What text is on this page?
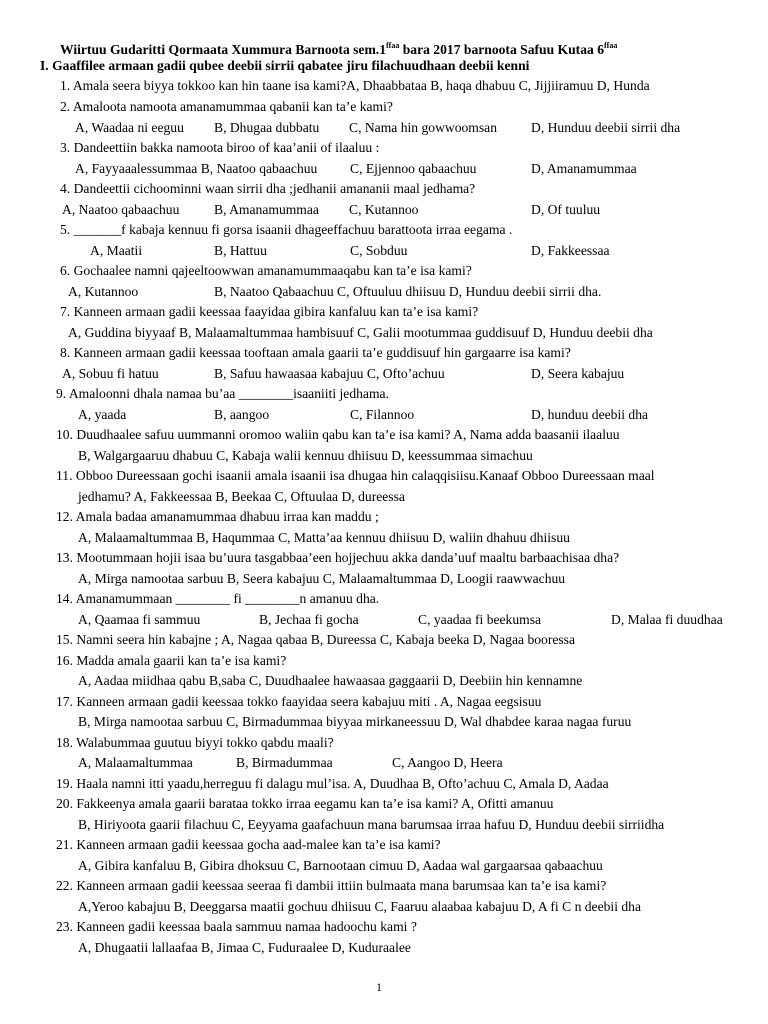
Wiirtuu Gudaritti Qormaata Xummura Barnoota $sem.1^{ffaa}$ bara 2017 barnoota Safuu Kutaa $6^{ffaa}$
I. Gaaffilee armaan gadii qubee deebii sirrii qabatee jiru filachuudhaan deebii kenni
1. Amala seera biyya tokkoo kan hin taane isa kami?A, Dhaabbataa B, haqa dhabuu C, Jijjiiramuu D, Hunda
2. Amaloota namoota amanamummaa qabanii kan ta’e kami?
A, Waadaa ni eeguu B, Dhugaa dubbatu C, Nama hin gowwoomsan D, Hunduu deebii sirrii dha
3. Dandeettiin bakka namoota biroo of kaa’anii of ilaaluu :
A, Fayyaaalessummaa B, Naatoo qabaachuu C, Ejjennoo qabaachuu	D, Amanamummaa
4. Dandeettii cichoominni waan sirrii dha ;jedhanii amananii maal jedhama?
A, Naatoo qabaachuu	B, Amanamummaa C, Kutannoo	D, Of tuuluu
5. _______f kabaja kennuu fi gorsa isaanii dhageeffachuu barattoota irraa eegama .
A, Maatii	B, Hattuu	C, Sobduu	D, Fakkeessaa
6. Gochaalee namni qajeeltoowwan amanamummaaqabu kan ta’e isa kami?
A, Kutannoo	B, Naatoo Qabaachuu C, Oftuuluu dhiisuu D, Hunduu deebii sirrii dha.
7. Kanneen armaan gadii keessaa faayidaa gibira kanfaluu kan ta’e isa kami?
A, Guddina biyyaaf B, Malaamaltummaa hambisuuf C, Galii mootummaa guddisuuf D, Hunduu deebii dha
8. Kanneen armaan gadii keessaa tooftaan amala gaarii ta’e guddisuuf hin gargaarre isa kami?
A, Sobuu fi hatuu	B, Safuu hawaasaa kabajuu C, Ofto’achuu	D, Seera kabajuu
9. Amaloonni dhala namaa bu’aa ________isaaniiti jedhama.
A, yaada	B, aangoo	C, Filannoo	D, hunduu deebii dha
10. Duudhaalee safuu uummanni oromoo waliin qabu kan ta’e isa kami? A, Nama adda baasanii ilaaluu
B, Walgargaaruu dhabuu C, Kabaja walii kennuu dhiisuu D, keessummaa simachuu
11. Obboo Dureessaan gochi isaanii amala isaanii isa dhugaa hin calaqqisiisu.Kanaaf Obboo Dureessaan maal
jedhamu? A, Fakkeessaa B, Beekaa C, Oftuulaa D, dureessa
12. Amala badaa amanamummaa dhabuu irraa kan maddu ;
A, Malaamaltummaa B, Haqummaa C, Matta’aa kennuu dhiisuu D, waliin dhahuu dhiisuu
13. Mootummaan hojii isaa bu’uura tasgabbaa’een hojjechuu akka danda’uuf maaltu barbaachisaa dha?
A, Mirga namootaa sarbuu B, Seera kabajuu C, Malaamaltummaa D, Loogii raawwachuu
14. Amanamummaan ________ fi ________n amanuu dha.
A, Qaamaa fi sammuu	B, Jechaa fi gocha	C, yaadaa fi beekumsa	D, Malaa fi duudhaa
15. Namni seera hin kabajne ; A, Nagaa qabaa B, Dureessa C, Kabaja beeka D, Nagaa booressa
16. Madda amala gaarii kan ta’e isa kami?
A, Aadaa miidhaa qabu B,saba C, Duudhaalee hawaasaa gaggaarii D, Deebiin hin kennamne
17. Kanneen armaan gadii keessaa tokko faayidaa seera kabajuu miti . A, Nagaa eegsisuu
B, Mirga namootaa sarbuu C, Birmadummaa biyyaa mirkaneessuu D, Wal dhabdee karaa nagaa furuu
18. Walabummaa guutuu biyyi tokko qabdu maali?
A, Malaamaltummaa	B, Birmadummaa	C, Aangoo D, Heera
19. Haala namni itti yaadu,herreguu fi dalagu mul’isa. A, Duudhaa B, Ofto’achuu C, Amala D, Aadaa
20. Fakkeenya amala gaarii barataa tokko irraa eegamu kan ta’e isa kami? A, Ofitti amanuu
B, Hiriyoota gaarii filachuu C, Eeyyama gaafachuun mana barumsaa irraa hafuu D, Hunduu deebii sirriidha
21. Kanneen armaan gadii keessaa gocha aad-malee kan ta’e isa kami?
A, Gibira kanfaluu B, Gibira dhoksuu C, Barnootaan cimuu D, Aadaa wal gargaarsaa qabaachuu
22. Kanneen armaan gadii keessaa seeraa fi dambii ittiin bulmaata mana barumsaa kan ta’e isa kami?
A,Yeroo kabajuu B, Deeggarsa maatii gochuu dhiisuu C, Faaruu alaabaa kabajuu D, A fi C n deebii dha
23. Kanneen gadii keessaa baala sammuu namaa hadoochu kami ?
A, Dhugaatii lallaafaa B, Jimaa C, Fuduraalee D, Kuduraalee
1
